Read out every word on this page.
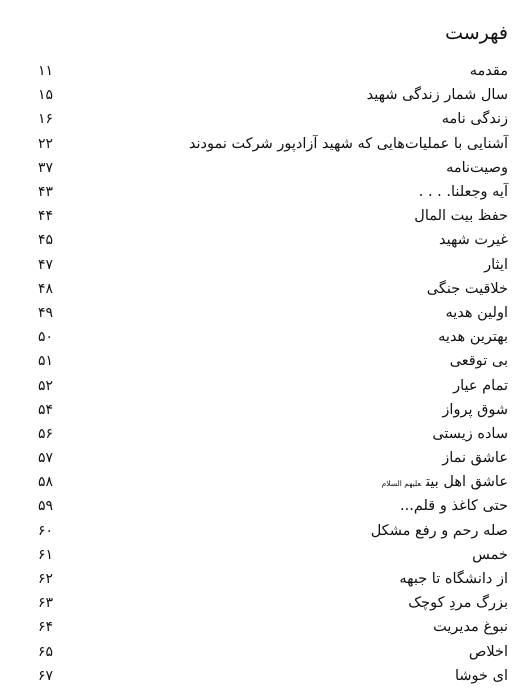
فهرست
مقدمه
۱۱
سال شمار زندگی شهید
۱۵
زندگی نامه
۱۶
آشنایی با عملیات‌هایی که شهید آزادپور شرکت نمودند
۲۲
وصیت‌نامه
۳۷
آیه وجعلنا. . . .
۴۳
حفظ بیت المال
۴۴
غیرت شهید
۴۵
ایثار
۴۷
خلاقیت جنگی
۴۸
اولین هدیه
۴۹
بهترین هدیه
۵۰
بی توقعی
۵۱
تمام عیار
۵۲
شوق پرواز
۵۴
ساده زیستی
۵۶
عاشق نماز
۵۷
عاشق اهل بیت$^{علیهم السلام}$
۵۸
حتی کاغذ و قلم...
۵۹
صله رحم و رفع مشکل
۶۰
خمس
۶۱
از دانشگاه تا جبهه
۶۲
بزرگ مردِ کوچک
۶۳
نبوغ مدیریت
۶۴
اخلاص
۶۵
ای خوشا
۶۷
